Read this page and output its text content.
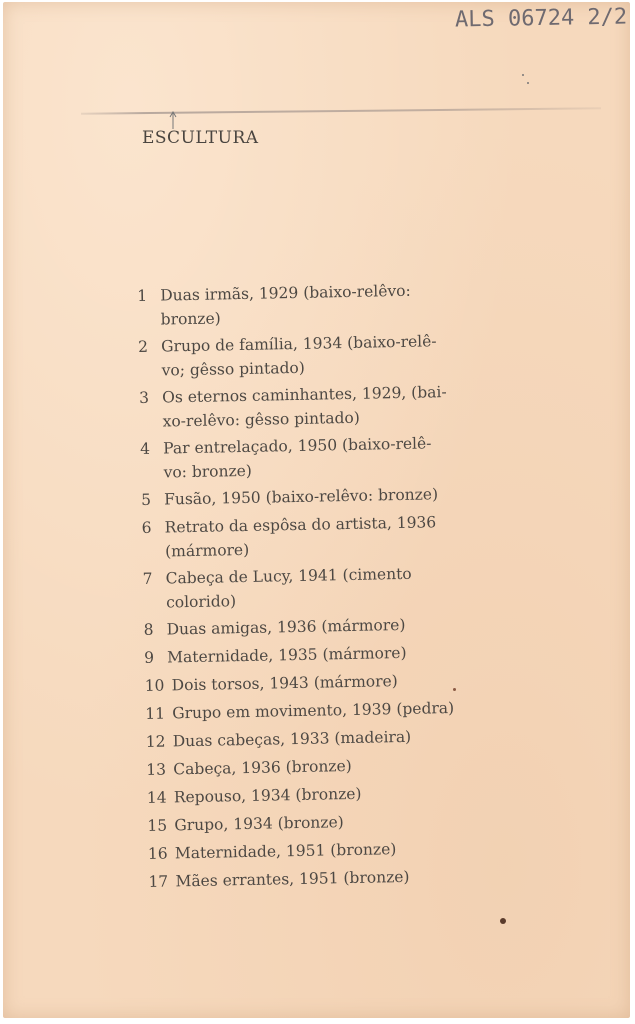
ALS 06724 2/2
ESCULTURA
1 Duas irmãs, 1929 (baixo-relêvo:
bronze)
2 Grupo de família, 1934 (baixo-relê-
vo; gêsso pintado)
3 Os eternos caminhantes, 1929, (bai-
xo-relêvo: gêsso pintado)
4 Par entrelaçado, 1950 (baixo-relê-
vo: bronze)
5 Fusão, 1950 (baixo-relêvo: bronze)
6 Retrato da espôsa do artista, 1936
(mármore)
7 Cabeça de Lucy, 1941 (cimento
colorido)
8 Duas amigas, 1936 (mármore)
9 Maternidade, 1935 (mármore)
10 Dois torsos, 1943 (mármore)
11 Grupo em movimento, 1939 (pedra)
12 Duas cabeças, 1933 (madeira)
13 Cabeça, 1936 (bronze)
14 Repouso, 1934 (bronze)
15 Grupo, 1934 (bronze)
16 Maternidade, 1951 (bronze)
17 Mães errantes, 1951 (bronze)
